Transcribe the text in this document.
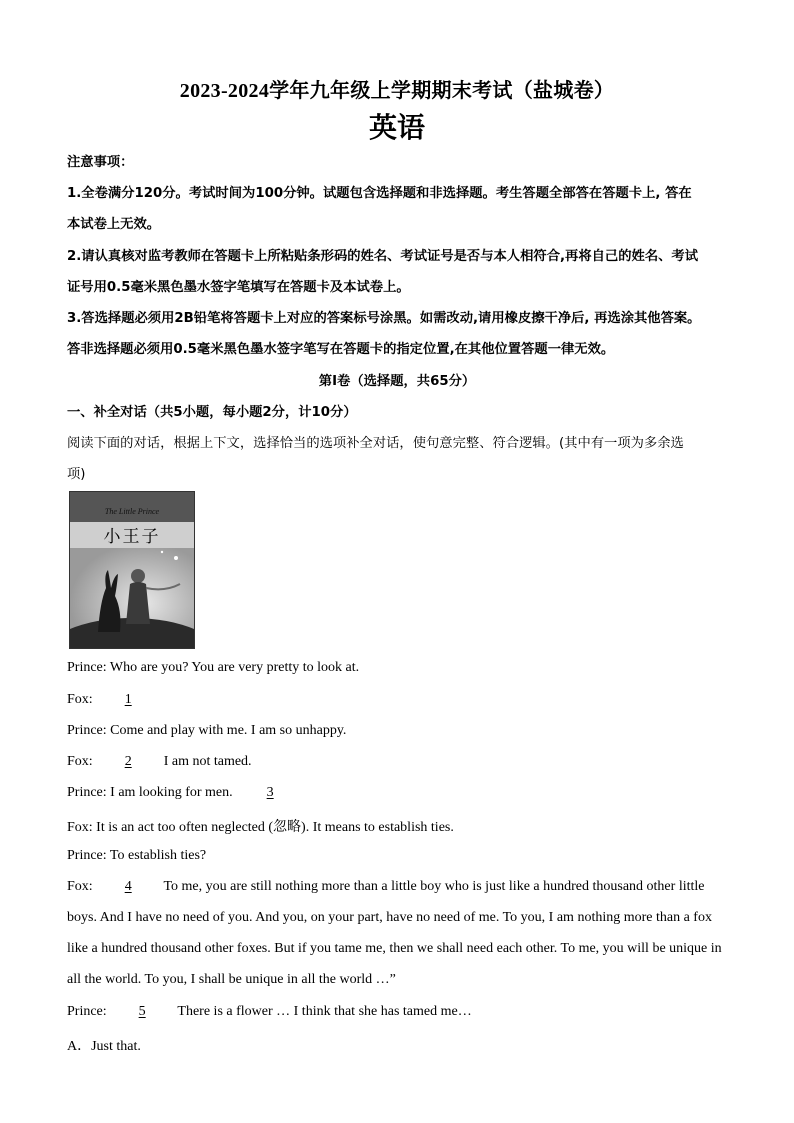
2023-2024学年九年级上学期期末考试（盐城卷）
英语
注意事项：
1.全卷满分120分。考试时间为100分钟。试题包含选择题和非选择题。考生答题全部答在答题卡上, 答在
本试卷上无效。
2.请认真核对监考教师在答题卡上所粘贴条形码的姓名、考试证号是否与本人相符合,再将自己的姓名、考试
证号用0.5毫米黑色墨水签字笔填写在答题卡及本试卷上。
3.答选择题必须用2B铅笔将答题卡上对应的答案标号涂黑。如需改动,请用橡皮擦干净后, 再选涂其他答案。
答非选择题必须用0.5毫米黑色墨水签字笔写在答题卡的指定位置,在其他位置答题一律无效。
第Ⅰ卷（选择题，共65分）
一、补全对话（共5小题，每小题2分，计10分）
阅读下面的对话，根据上下文，选择恰当的选项补全对话，使句意完整、符合逻辑。(其中有一项为多余选
项)
The Little Prince
小王子
Prince: Who are you? You are very pretty to look at.
Fox: 1
Prince: Come and play with me. I am so unhappy.
Fox: 2 I am not tamed.
Prince: I am looking for men. 3
Fox: It is an act too often neglected (忽略). It means to establish ties.
Prince: To establish ties?
Fox: 4 To me, you are still nothing more than a little boy who is just like a hundred thousand other little
boys. And I have no need of you. And you, on your part, have no need of me. To you, I am nothing more than a fox
like a hundred thousand other foxes. But if you tame me, then we shall need each other. To me, you will be unique in
all the world. To you, I shall be unique in all the world …”
Prince: 5 There is a flower … I think that she has tamed me…
A．Just that.
